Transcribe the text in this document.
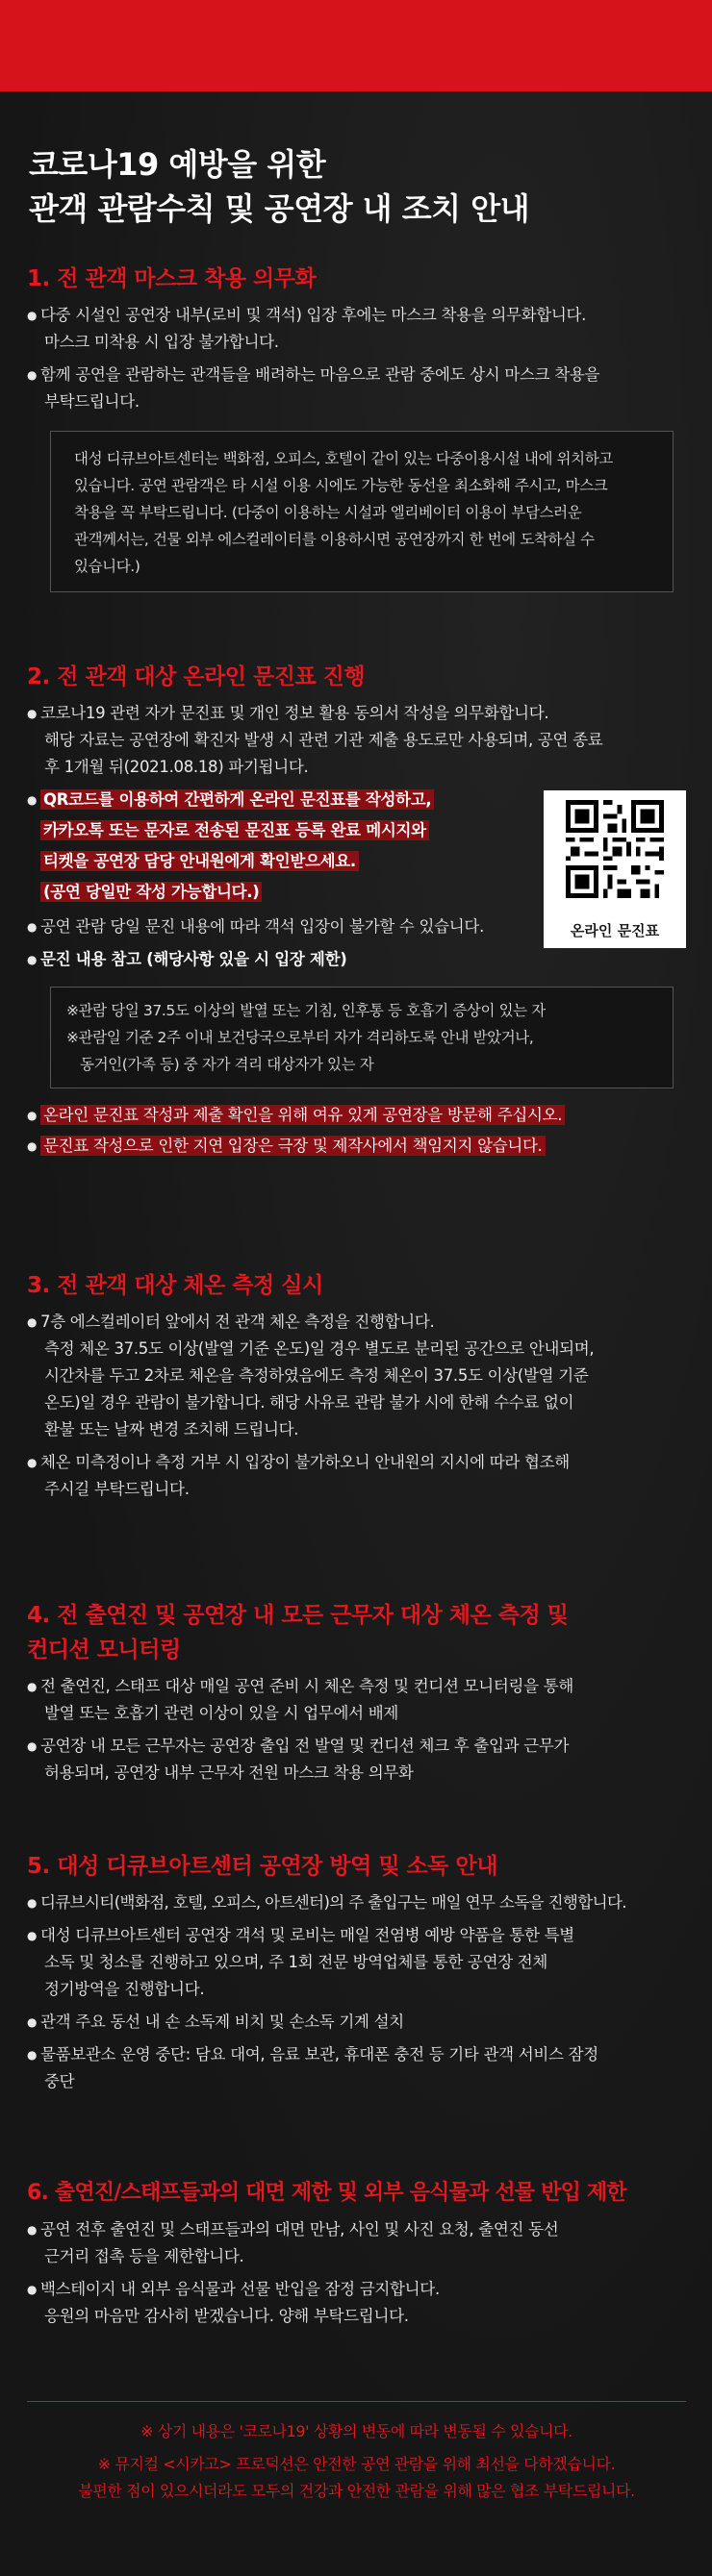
코로나19 예방을 위한
관객 관람수칙 및 공연장 내 조치 안내
1. 전 관객 마스크 착용 의무화
● 다중 시설인 공연장 내부(로비 및 객석) 입장 후에는 마스크 착용을 의무화합니다.
마스크 미착용 시 입장 불가합니다.
● 함께 공연을 관람하는 관객들을 배려하는 마음으로 관람 중에도 상시 마스크 착용을
부탁드립니다.
대성 디큐브아트센터는 백화점, 오피스, 호텔이 같이 있는 다중이용시설 내에 위치하고
있습니다. 공연 관람객은 타 시설 이용 시에도 가능한 동선을 최소화해 주시고, 마스크
착용을 꼭 부탁드립니다. (다중이 이용하는 시설과 엘리베이터 이용이 부담스러운
관객께서는, 건물 외부 에스컬레이터를 이용하시면 공연장까지 한 번에 도착하실 수
있습니다.)
2. 전 관객 대상 온라인 문진표 진행
● 코로나19 관련 자가 문진표 및 개인 정보 활용 동의서 작성을 의무화합니다.
해당 자료는 공연장에 확진자 발생 시 관련 기관 제출 용도로만 사용되며, 공연 종료
후 1개월 뒤(2021.08.18) 파기됩니다.
● QR코드를 이용하여 간편하게 온라인 문진표를 작성하고,
카카오톡 또는 문자로 전송된 문진표 등록 완료 메시지와
티켓을 공연장 담당 안내원에게 확인받으세요.
(공연 당일만 작성 가능합니다.)
● 공연 관람 당일 문진 내용에 따라 객석 입장이 불가할 수 있습니다.
● 문진 내용 참고 (해당사항 있을 시 입장 제한)
※관람 당일 37.5도 이상의 발열 또는 기침, 인후통 등 호흡기 증상이 있는 자
※관람일 기준 2주 이내 보건당국으로부터 자가 격리하도록 안내 받았거나,
동거인(가족 등) 중 자가 격리 대상자가 있는 자
● 온라인 문진표 작성과 제출 확인을 위해 여유 있게 공연장을 방문해 주십시오.
● 문진표 작성으로 인한 지연 입장은 극장 및 제작사에서 책임지지 않습니다.
온라인 문진표
3. 전 관객 대상 체온 측정 실시
● 7층 에스컬레이터 앞에서 전 관객 체온 측정을 진행합니다.
측정 체온 37.5도 이상(발열 기준 온도)일 경우 별도로 분리된 공간으로 안내되며,
시간차를 두고 2차로 체온을 측정하였음에도 측정 체온이 37.5도 이상(발열 기준
온도)일 경우 관람이 불가합니다. 해당 사유로 관람 불가 시에 한해 수수료 없이
환불 또는 날짜 변경 조치해 드립니다.
● 체온 미측정이나 측정 거부 시 입장이 불가하오니 안내원의 지시에 따라 협조해
주시길 부탁드립니다.
4. 전 출연진 및 공연장 내 모든 근무자 대상 체온 측정 및
컨디션 모니터링
● 전 출연진, 스태프 대상 매일 공연 준비 시 체온 측정 및 컨디션 모니터링을 통해
발열 또는 호흡기 관련 이상이 있을 시 업무에서 배제
● 공연장 내 모든 근무자는 공연장 출입 전 발열 및 컨디션 체크 후 출입과 근무가
허용되며, 공연장 내부 근무자 전원 마스크 착용 의무화
5. 대성 디큐브아트센터 공연장 방역 및 소독 안내
● 디큐브시티(백화점, 호텔, 오피스, 아트센터)의 주 출입구는 매일 연무 소독을 진행합니다.
● 대성 디큐브아트센터 공연장 객석 및 로비는 매일 전염병 예방 약품을 통한 특별
소독 및 청소를 진행하고 있으며, 주 1회 전문 방역업체를 통한 공연장 전체
정기방역을 진행합니다.
● 관객 주요 동선 내 손 소독제 비치 및 손소독 기계 설치
● 물품보관소 운영 중단: 담요 대여, 음료 보관, 휴대폰 충전 등 기타 관객 서비스 잠정
중단
6. 출연진/스태프들과의 대면 제한 및 외부 음식물과 선물 반입 제한
● 공연 전후 출연진 및 스태프들과의 대면 만남, 사인 및 사진 요청, 출연진 동선
근거리 접촉 등을 제한합니다.
● 백스테이지 내 외부 음식물과 선물 반입을 잠정 금지합니다.
응원의 마음만 감사히 받겠습니다. 양해 부탁드립니다.
※ 상기 내용은 '코로나19' 상황의 변동에 따라 변동될 수 있습니다.
※ 뮤지컬 <시카고> 프로덕션은 안전한 공연 관람을 위해 최선을 다하겠습니다.
불편한 점이 있으시더라도 모두의 건강과 안전한 관람을 위해 많은 협조 부탁드립니다.
